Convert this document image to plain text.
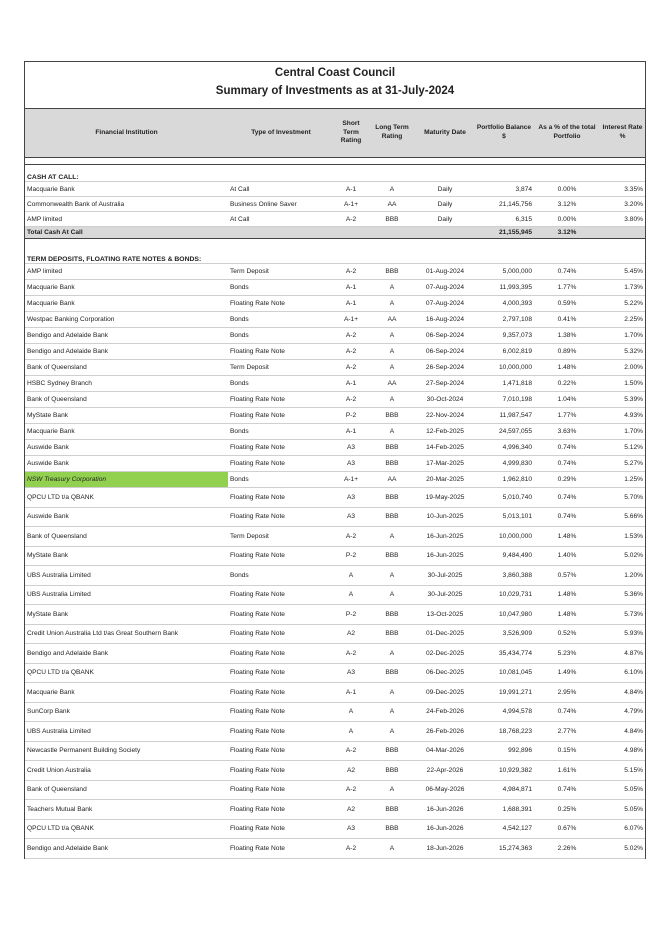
Central Coast Council
Summary of Investments as at 31-July-2024
Financial Institution	Type of Investment	Short Term Rating	Long Term Rating	Maturity Date	Portfolio Balance $	As a % of the total Portfolio	Interest Rate %

CASH AT CALL:							
Macquarie Bank	At Call	A-1	A	Daily	3,874	0.00%	3.35%
Commonwealth Bank of Australia	Business Online Saver	A-1+	AA	Daily	21,145,756	3.12%	3.20%
AMP limited	At Call	A-2	BBB	Daily	6,315	0.00%	3.80%
Total Cash At Call					21,155,945	3.12%	

TERM DEPOSITS, FLOATING RATE NOTES & BONDS:							
AMP limited	Term Deposit	A-2	BBB	01-Aug-2024	5,000,000	0.74%	5.45%
Macquarie Bank	Bonds	A-1	A	07-Aug-2024	11,993,395	1.77%	1.73%
Macquarie Bank	Floating Rate Note	A-1	A	07-Aug-2024	4,000,393	0.59%	5.22%
Westpac Banking Corporation	Bonds	A-1+	AA	16-Aug-2024	2,797,108	0.41%	2.25%
Bendigo and Adelaide Bank	Bonds	A-2	A	06-Sep-2024	9,357,073	1.38%	1.70%
Bendigo and Adelaide Bank	Floating Rate Note	A-2	A	06-Sep-2024	6,002,819	0.89%	5.32%
Bank of Queensland	Term Deposit	A-2	A	26-Sep-2024	10,000,000	1.48%	2.00%
HSBC Sydney Branch	Bonds	A-1	AA	27-Sep-2024	1,471,818	0.22%	1.50%
Bank of Queensland	Floating Rate Note	A-2	A	30-Oct-2024	7,010,198	1.04%	5.39%
MyState Bank	Floating Rate Note	P-2	BBB	22-Nov-2024	11,987,547	1.77%	4.93%
Macquarie Bank	Bonds	A-1	A	12-Feb-2025	24,597,055	3.63%	1.70%
Auswide Bank	Floating Rate Note	A3	BBB	14-Feb-2025	4,996,340	0.74%	5.12%
Auswide Bank	Floating Rate Note	A3	BBB	17-Mar-2025	4,999,830	0.74%	5.27%
NSW Treasury Corporation	Bonds	A-1+	AA	20-Mar-2025	1,962,810	0.29%	1.25%
QPCU LTD t/a QBANK	Floating Rate Note	A3	BBB	19-May-2025	5,010,740	0.74%	5.70%
Auswide Bank	Floating Rate Note	A3	BBB	10-Jun-2025	5,013,101	0.74%	5.66%
Bank of Queensland	Term Deposit	A-2	A	16-Jun-2025	10,000,000	1.48%	1.53%
MyState Bank	Floating Rate Note	P-2	BBB	16-Jun-2025	9,484,490	1.40%	5.02%
UBS Australia Limited	Bonds	A	A	30-Jul-2025	3,860,388	0.57%	1.20%
UBS Australia Limited	Floating Rate Note	A	A	30-Jul-2025	10,029,731	1.48%	5.36%
MyState Bank	Floating Rate Note	P-2	BBB	13-Oct-2025	10,047,980	1.48%	5.73%
Credit Union Australia Ltd t/as Great Southern Bank	Floating Rate Note	A2	BBB	01-Dec-2025	3,526,909	0.52%	5.93%
Bendigo and Adelaide Bank	Floating Rate Note	A-2	A	02-Dec-2025	35,434,774	5.23%	4.87%
QPCU LTD t/a QBANK	Floating Rate Note	A3	BBB	06-Dec-2025	10,081,045	1.49%	6.10%
Macquarie Bank	Floating Rate Note	A-1	A	09-Dec-2025	19,991,271	2.95%	4.84%
SunCorp Bank	Floating Rate Note	A	A	24-Feb-2026	4,994,578	0.74%	4.79%
UBS Australia Limited	Floating Rate Note	A	A	26-Feb-2026	18,768,223	2.77%	4.84%
Newcastle Permanent Building Society	Floating Rate Note	A-2	BBB	04-Mar-2026	992,896	0.15%	4.98%
Credit Union Australia	Floating Rate Note	A2	BBB	22-Apr-2026	10,929,382	1.61%	5.15%
Bank of Queensland	Floating Rate Note	A-2	A	06-May-2026	4,984,871	0.74%	5.05%
Teachers Mutual Bank	Floating Rate Note	A2	BBB	16-Jun-2026	1,688,391	0.25%	5.05%
QPCU LTD t/a QBANK	Floating Rate Note	A3	BBB	16-Jun-2026	4,542,127	0.67%	6.07%
Bendigo and Adelaide Bank	Floating Rate Note	A-2	A	18-Jun-2026	15,274,363	2.26%	5.02%
